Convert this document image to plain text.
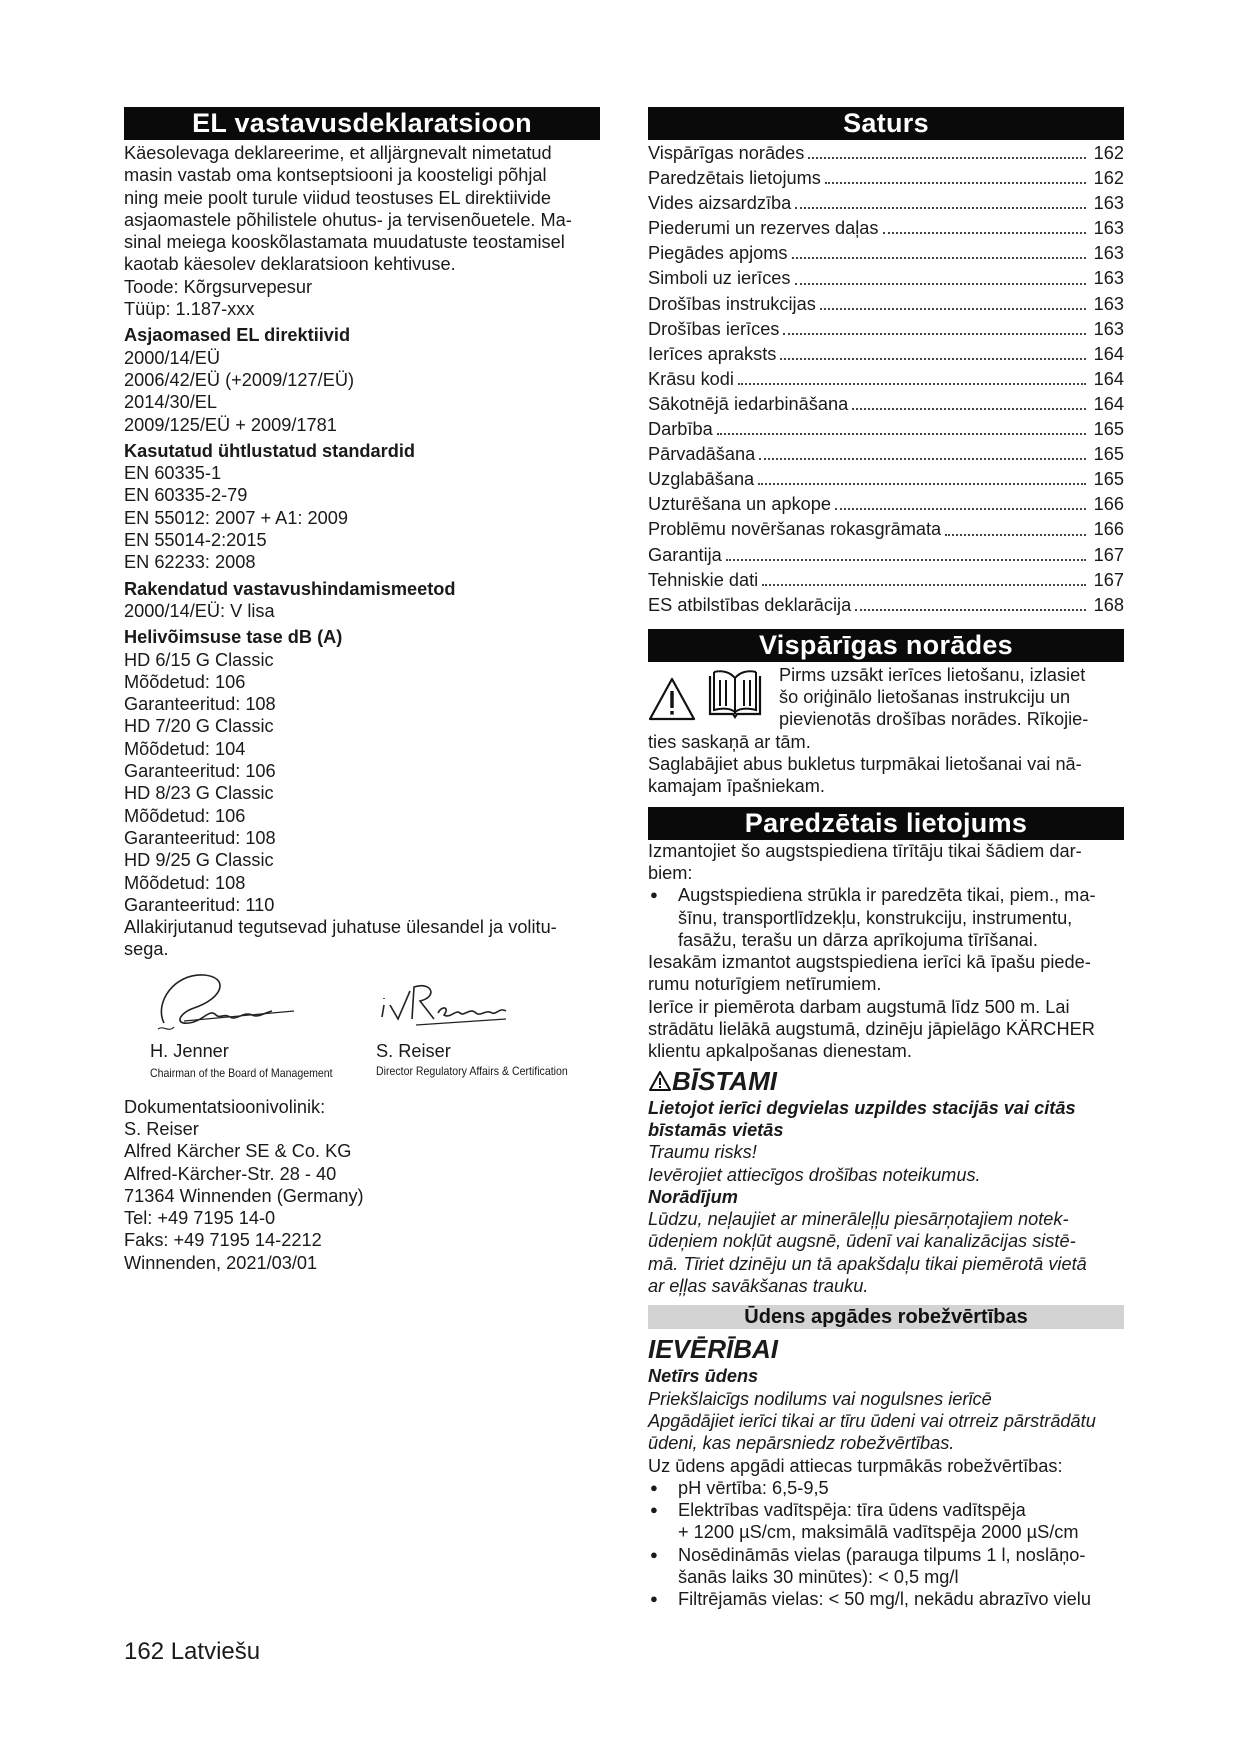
EL vastavusdeklaratsioon
Käesolevaga deklareerime, et alljärgnevalt nimetatud
masin vastab oma kontseptsiooni ja koosteligi põhjal
ning meie poolt turule viidud teostuses EL direktiivide
asjaomastele põhilistele ohutus- ja tervisenõuetele. Ma-
sinal meiega kooskõlastamata muudatuste teostamisel
kaotab käesolev deklaratsioon kehtivuse.
Toode: Kõrgsurvepesur
Tüüp: 1.187-xxx
Asjaomased EL direktiivid
2000/14/EÜ
2006/42/EÜ (+2009/127/EÜ)
2014/30/EL
2009/125/EÜ + 2009/1781
Kasutatud ühtlustatud standardid
EN 60335-1
EN 60335-2-79
EN 55012: 2007 + A1: 2009
EN 55014-2:2015
EN 62233: 2008
Rakendatud vastavushindamismeetod
2000/14/EÜ: V lisa
Helivõimsuse tase dB (A)
HD 6/15 G Classic
Mõõdetud: 106
Garanteeritud: 108
HD 7/20 G Classic
Mõõdetud: 104
Garanteeritud: 106
HD 8/23 G Classic
Mõõdetud: 106
Garanteeritud: 108
HD 9/25 G Classic
Mõõdetud: 108
Garanteeritud: 110
Allakirjutanud tegutsevad juhatuse ülesandel ja volitu-
sega.
H. Jenner
Chairman of the Board of Management
S. Reiser
Director Regulatory Affairs & Certification
Dokumentatsioonivolinik:
S. Reiser
Alfred Kärcher SE & Co. KG
Alfred-Kärcher-Str. 28 - 40
71364 Winnenden (Germany)
Tel: +49 7195 14-0
Faks: +49 7195 14-2212
Winnenden, 2021/03/01
Saturs
Vispārīgas norādes	162
Paredzētais lietojums	162
Vides aizsardzība	163
Piederumi un rezerves daļas	163
Piegādes apjoms	163
Simboli uz ierīces	163
Drošības instrukcijas	163
Drošības ierīces	163
Ierīces apraksts	164
Krāsu kodi	164
Sākotnējā iedarbināšana	164
Darbība	165
Pārvadāšana	165
Uzglabāšana	165
Uzturēšana un apkope	166
Problēmu novēršanas rokasgrāmata	166
Garantija	167
Tehniskie dati	167
ES atbilstības deklarācija	168
Vispārīgas norādes
Pirms uzsākt ierīces lietošanu, izlasiet
šo oriģinālo lietošanas instrukciju un
pievienotās drošības norādes. Rīkojie-
ties saskaņā ar tām.
Saglabājiet abus bukletus turpmākai lietošanai vai nā-
kamajam īpašniekam.
Paredzētais lietojums
Izmantojiet šo augstspiediena tīrītāju tikai šādiem dar-
biem:
● Augstspiediena strūkla ir paredzēta tikai, piem., ma-
šīnu, transportlīdzekļu, konstrukciju, instrumentu,
fasāžu, terašu un dārza aprīkojuma tīrīšanai.
Iesakām izmantot augstspiediena ierīci kā īpašu piede-
rumu noturīgiem netīrumiem.
Ierīce ir piemērota darbam augstumā līdz 500 m. Lai
strādātu lielākā augstumā, dzinēju jāpielāgo KÄRCHER
klientu apkalpošanas dienestam.
BĪSTAMI
Lietojot ierīci degvielas uzpildes stacijās vai citās
bīstamās vietās
Traumu risks!
Ievērojiet attiecīgos drošības noteikumus.
Norādījum
Lūdzu, neļaujiet ar minerāleļļu piesārņotajiem notek-
ūdeņiem nokļūt augsnē, ūdenī vai kanalizācijas sistē-
mā. Tīriet dzinēju un tā apakšdaļu tikai piemērotā vietā
ar eļļas savākšanas trauku.
Ūdens apgādes robežvērtības
IEVĒRĪBAI
Netīrs ūdens
Priekšlaicīgs nodilums vai nogulsnes ierīcē
Apgādājiet ierīci tikai ar tīru ūdeni vai otrreiz pārstrādātu
ūdeni, kas nepārsniedz robežvērtības.
Uz ūdens apgādi attiecas turpmākās robežvērtības:
● pH vērtība: 6,5-9,5
● Elektrības vadītspēja: tīra ūdens vadītspēja
+ 1200 µS/cm, maksimālā vadītspēja 2000 µS/cm
● Nosēdināmās vielas (parauga tilpums 1 l, noslāņo-
šanās laiks 30 minūtes): < 0,5 mg/l
● Filtrējamās vielas: < 50 mg/l, nekādu abrazīvo vielu
162 Latviešu
